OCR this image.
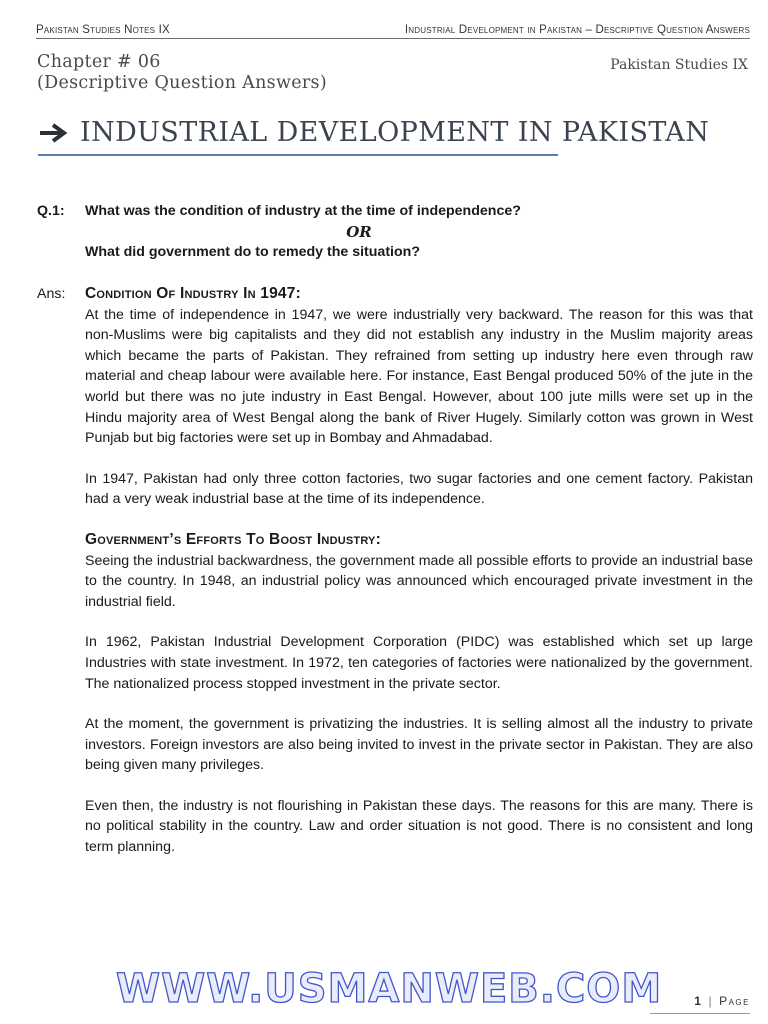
Pakistan Studies Notes IX	Industrial Development in Pakistan – Descriptive Question Answers
Chapter # 06
(Descriptive Question Answers)
Pakistan Studies IX
INDUSTRIAL DEVELOPMENT IN PAKISTAN
Q.1: What was the condition of industry at the time of independence?
OR
What did government do to remedy the situation?
Ans: Condition Of Industry In 1947:

At the time of independence in 1947, we were industrially very backward. The reason for this was that non-Muslims were big capitalists and they did not establish any industry in the Muslim majority areas which became the parts of Pakistan. They refrained from setting up industry here even through raw material and cheap labour were available here. For instance, East Bengal produced 50% of the jute in the world but there was no jute industry in East Bengal. However, about 100 jute mills were set up in the Hindu majority area of West Bengal along the bank of River Hugely. Similarly cotton was grown in West Punjab but big factories were set up in Bombay and Ahmadabad.

In 1947, Pakistan had only three cotton factories, two sugar factories and one cement factory. Pakistan had a very weak industrial base at the time of its independence.

Government’s Efforts To Boost Industry:

Seeing the industrial backwardness, the government made all possible efforts to provide an industrial base to the country. In 1948, an industrial policy was announced which encouraged private investment in the industrial field.

In 1962, Pakistan Industrial Development Corporation (PIDC) was established which set up large Industries with state investment. In 1972, ten categories of factories were nationalized by the government. The nationalized process stopped investment in the private sector.

At the moment, the government is privatizing the industries. It is selling almost all the industry to private investors. Foreign investors are also being invited to invest in the private sector in Pakistan. They are also being given many privileges.

Even then, the industry is not flourishing in Pakistan these days. The reasons for this are many. There is no political stability in the country. Law and order situation is not good. There is no consistent and long term planning.

WWW.USMANWEB.COM	1 | Page
